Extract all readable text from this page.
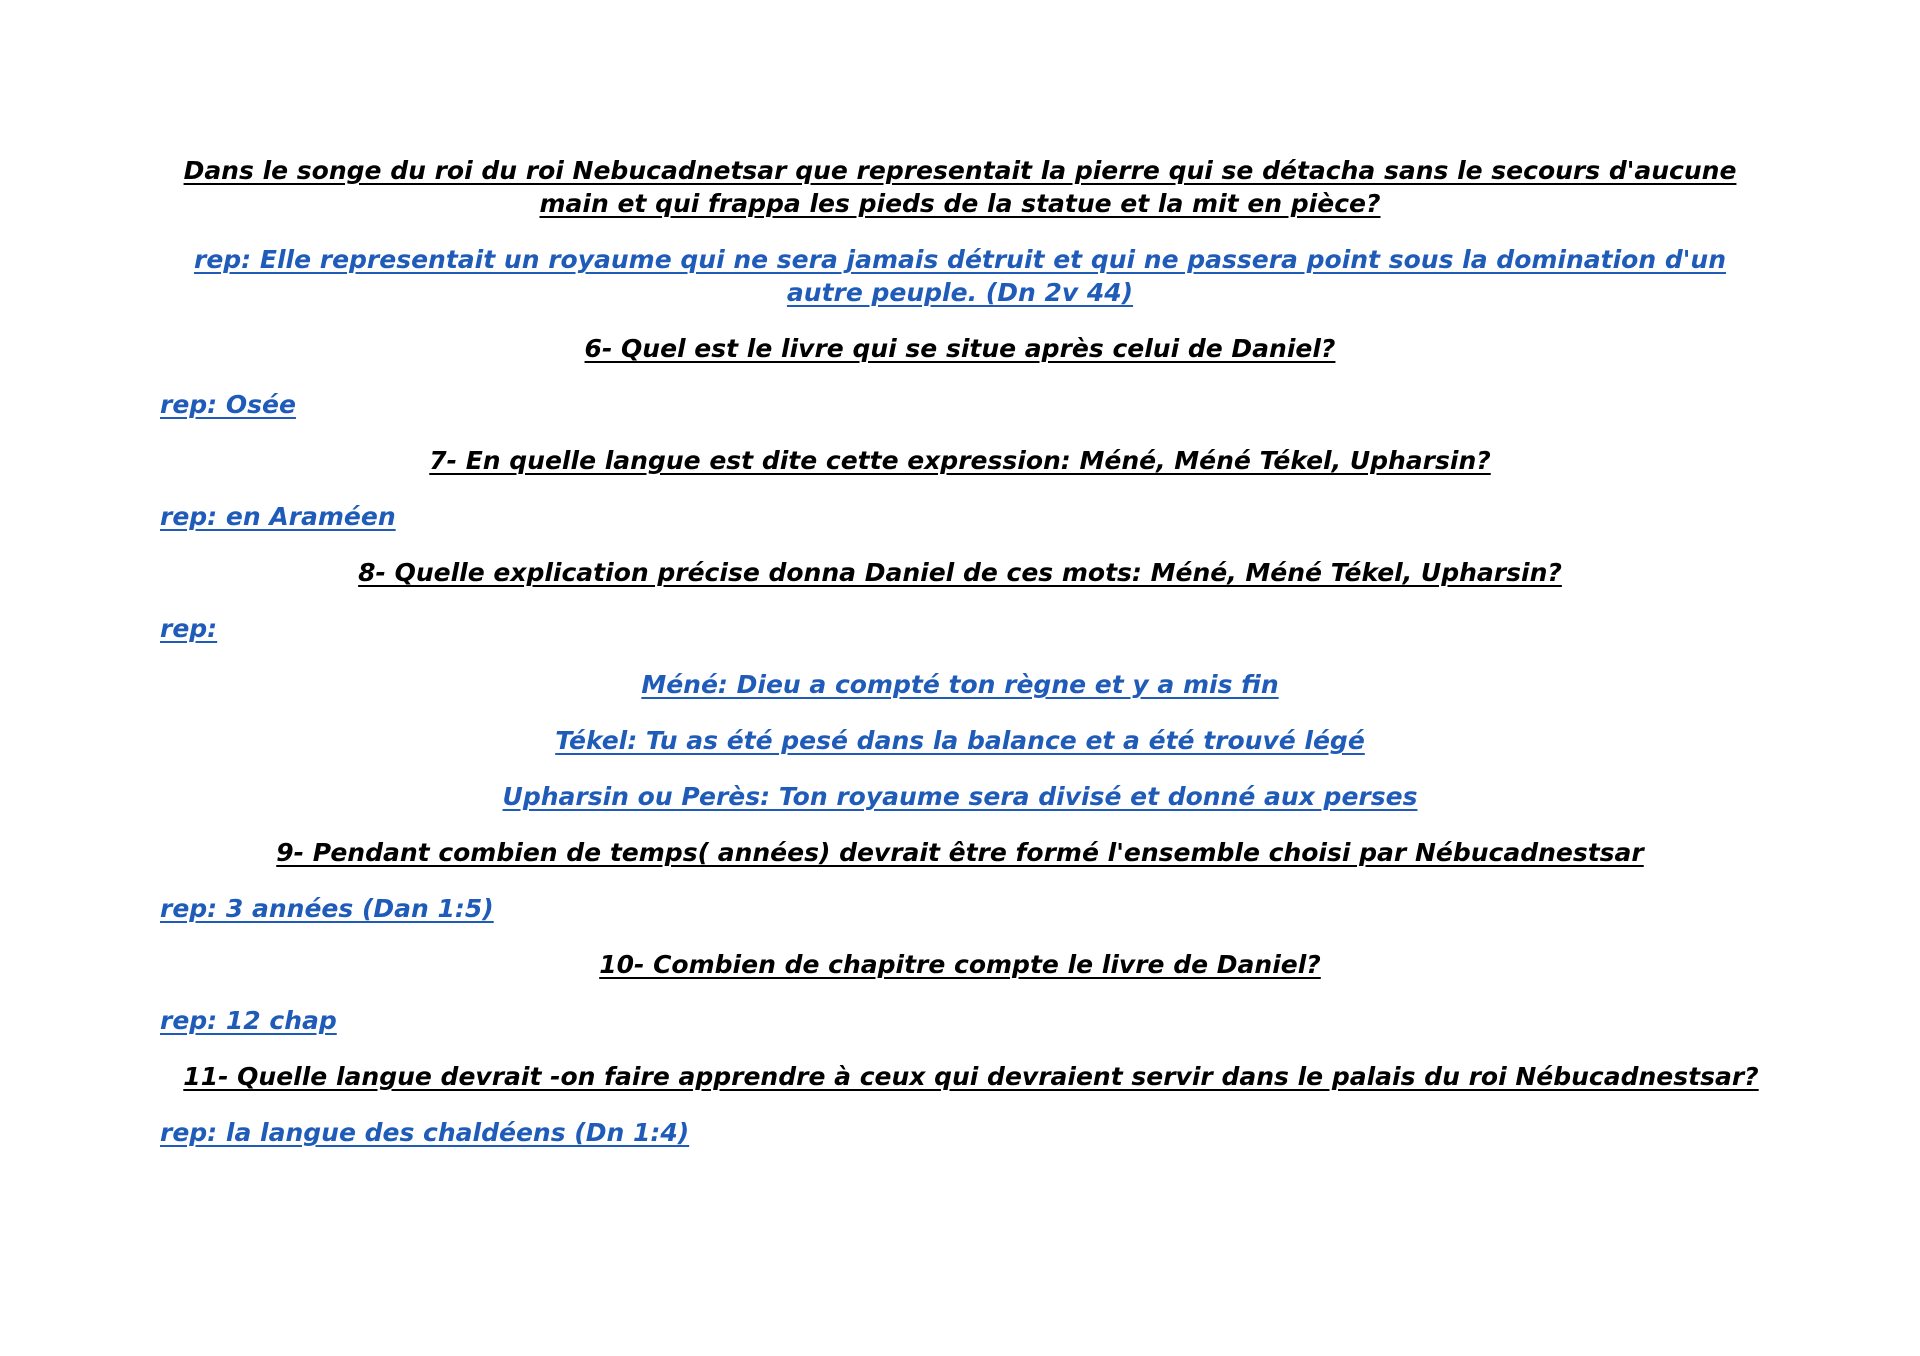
Dans le songe du roi du roi Nebucadnetsar que representait la pierre qui se détacha sans le secours d'aucune main et qui frappa les pieds de la statue et la mit en pièce?

rep: Elle representait un royaume qui ne sera jamais détruit et qui ne passera point sous la domination d'un autre peuple. (Dn 2v 44)

6- Quel est le livre qui se situe après celui de Daniel?

rep: Osée

7- En quelle langue est dite cette expression: Méné, Méné Tékel, Upharsin?

rep: en Araméen

8- Quelle explication précise donna Daniel de ces mots: Méné, Méné Tékel, Upharsin?

rep:

Méné: Dieu a compté ton règne et y a mis fin

Tékel: Tu as été pesé dans la balance et a été trouvé légé

Upharsin ou Perès: Ton royaume sera divisé et donné aux perses

9- Pendant combien de temps( années) devrait être formé l'ensemble choisi par Nébucadnestsar

rep: 3 années (Dan 1:5)

10- Combien de chapitre compte le livre de Daniel?

rep: 12 chap

11- Quelle langue devrait -on faire apprendre à ceux qui devraient servir dans le palais du roi Nébucadnestsar?

rep: la langue des chaldéens (Dn 1:4)
